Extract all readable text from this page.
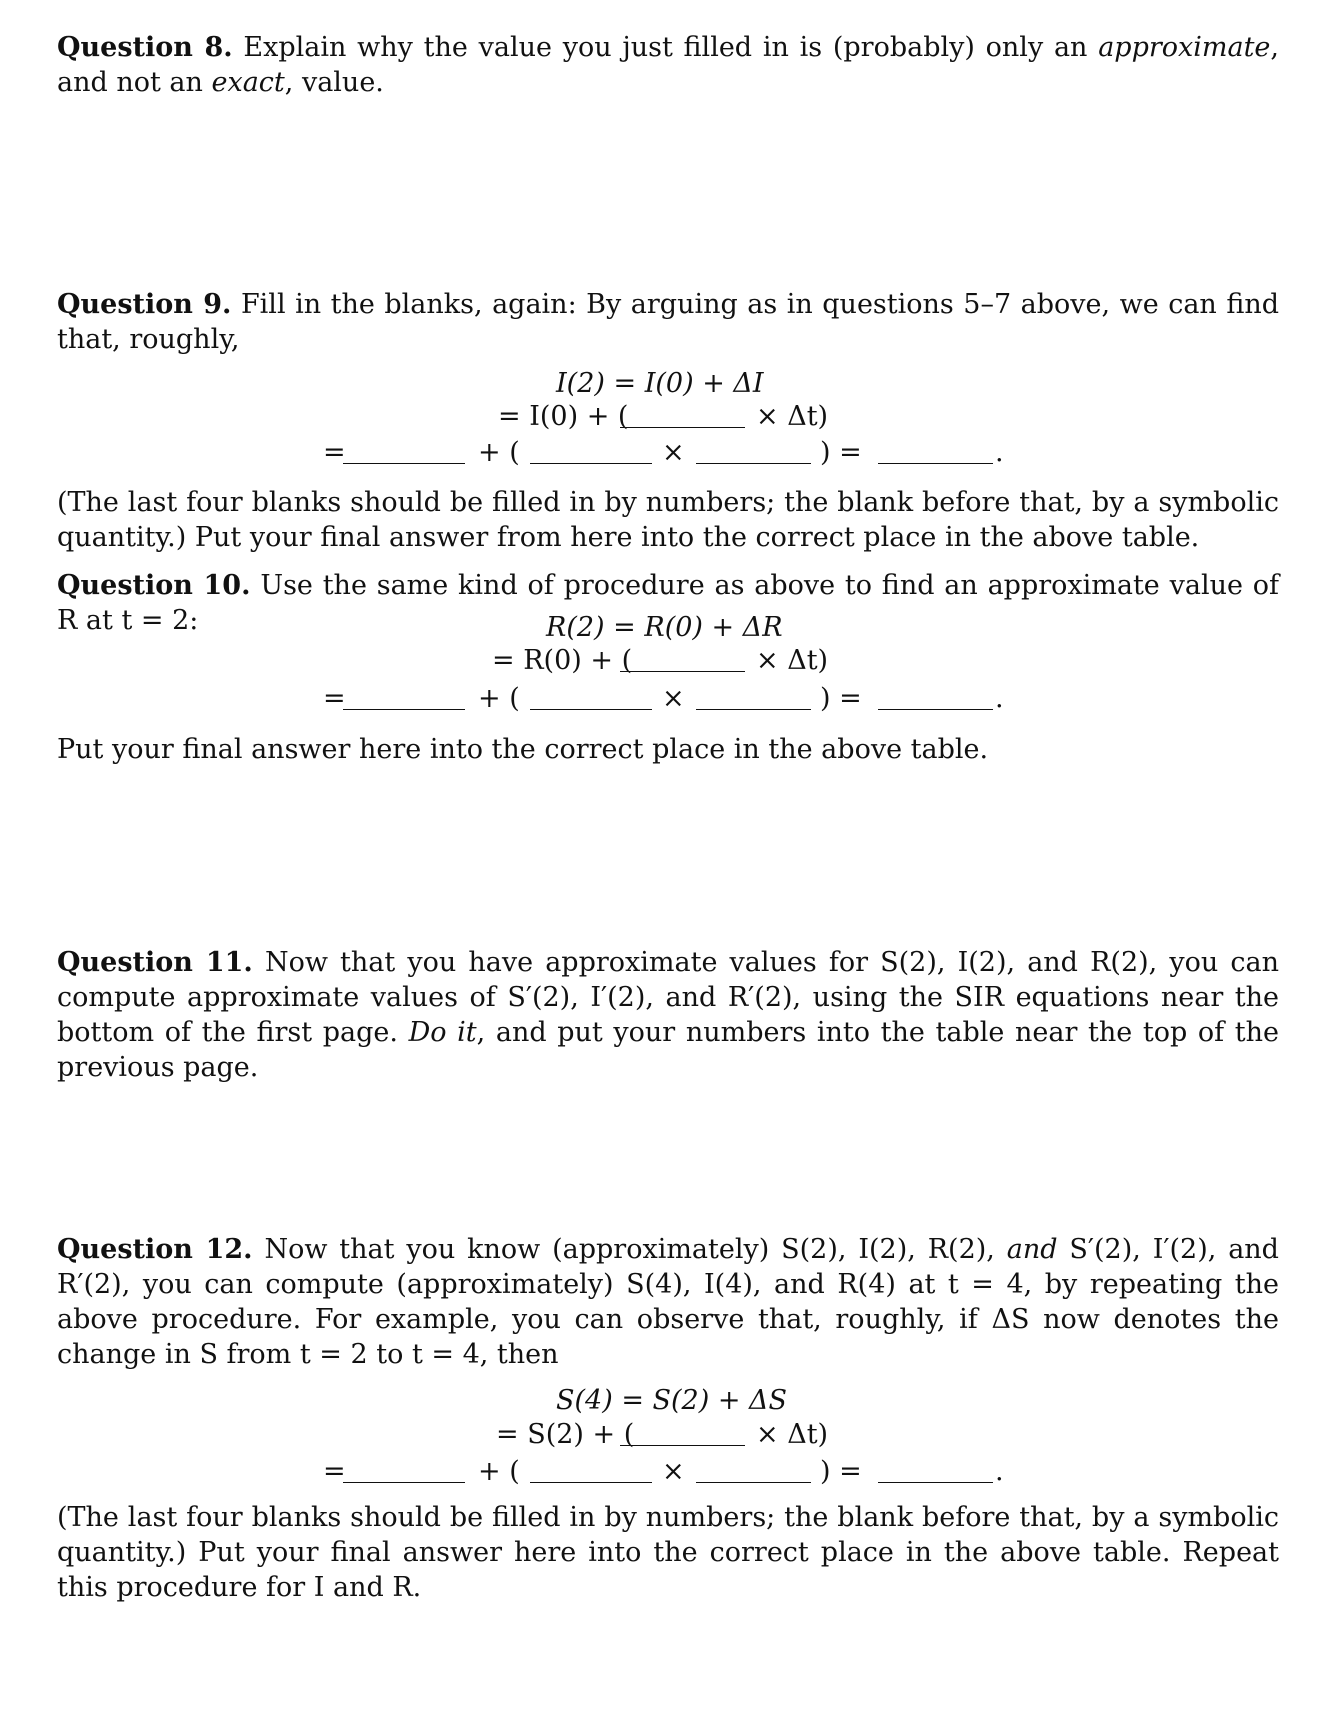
Question 8. Explain why the value you just filled in is (probably) only an approximate, and not an exact, value.

Question 9. Fill in the blanks, again: By arguing as in questions 5–7 above, we can find that, roughly,

I(2) = I(0) + ΔI
= I(0) + (	× Δt)
=	+ (	×	) =	.

(The last four blanks should be filled in by numbers; the blank before that, by a symbolic quantity.) Put your final answer from here into the correct place in the above table.

Question 10. Use the same kind of procedure as above to find an approximate value of R at t = 2:	R(2) = R(0) + ΔR
= R(0) + (	× Δt)
=	+ (	×	) =	.

Put your final answer here into the correct place in the above table.

Question 11. Now that you have approximate values for S(2), I(2), and R(2), you can compute approximate values of S′(2), I′(2), and R′(2), using the SIR equations near the bottom of the first page. Do it, and put your numbers into the table near the top of the previous page.

Question 12. Now that you know (approximately) S(2), I(2), R(2), and S′(2), I′(2), and R′(2), you can compute (approximately) S(4), I(4), and R(4) at t = 4, by repeating the above procedure. For example, you can observe that, roughly, if ΔS now denotes the change in S from t = 2 to t = 4, then

S(4) = S(2) + ΔS
= S(2) + (	× Δt)
=	+ (	×	) =	.

(The last four blanks should be filled in by numbers; the blank before that, by a symbolic quantity.) Put your final answer here into the correct place in the above table. Repeat this procedure for I and R.
